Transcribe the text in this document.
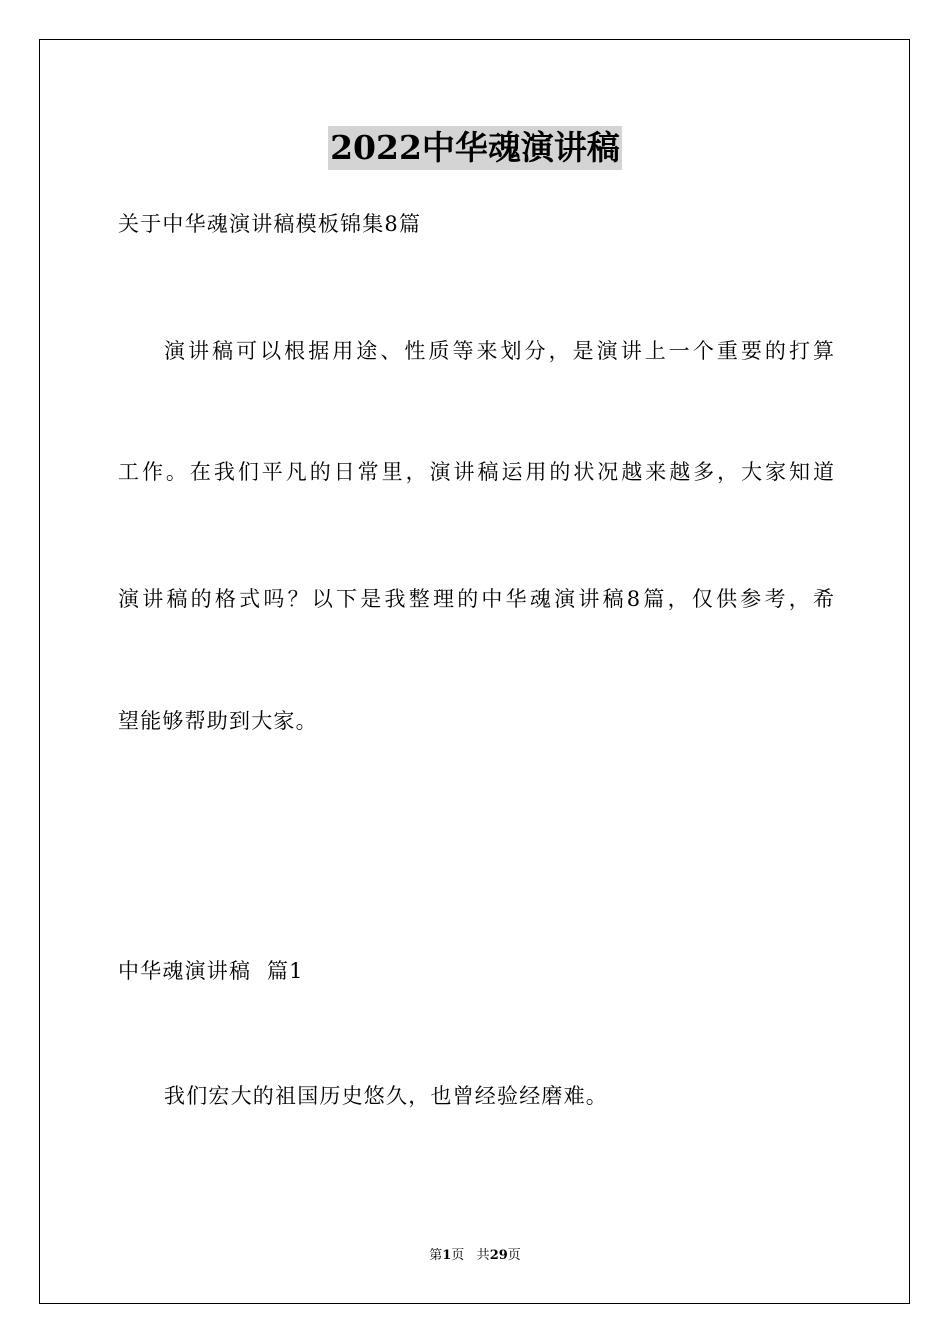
2022中华魂演讲稿
关于中华魂演讲稿模板锦集8篇
演讲稿可以根据用途、性质等来划分，是演讲上一个重要的打算
工作。在我们平凡的日常里，演讲稿运用的状况越来越多，大家知道
演讲稿的格式吗？以下是我整理的中华魂演讲稿8篇，仅供参考，希
望能够帮助到大家。
中华魂演讲稿  篇1
我们宏大的祖国历史悠久，也曾经验经磨难。
第1页 共29页
